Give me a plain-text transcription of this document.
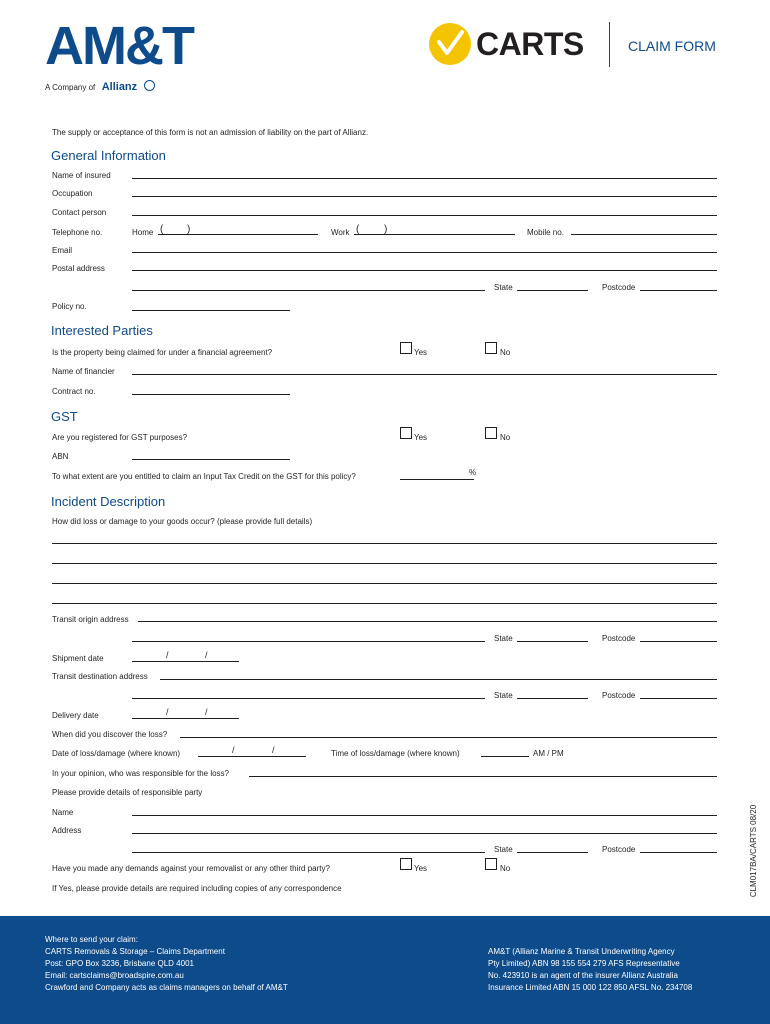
AM&T
A Company of Allianz
CARTS	CLAIM FORM
The supply or acceptance of this form is not an admission of liability on the part of Allianz.
General Information
Name of insured
Occupation
Contact person
Telephone no.	Home ( )	Work ( )	Mobile no.
Email
Postal address
State	Postcode
Policy no.
Interested Parties
Is the property being claimed for under a financial agreement?	Yes	No
Name of financier
Contract no.
GST
Are you registered for GST purposes?	Yes	No
ABN
To what extent are you entitled to claim an Input Tax Credit on the GST for this policy?	%
Incident Description
How did loss or damage to your goods occur? (please provide full details)
Transit origin address
State	Postcode
Shipment date	/	/
Transit destination address
State	Postcode
Delivery date	/	/
When did you discover the loss?
Date of loss/damage (where known)	/	/	Time of loss/damage (where known)	AM / PM
In your opinion, who was responsible for the loss?
Please provide details of responsible party
Name
Address
State	Postcode
Have you made any demands against your removalist or any other third party?	Yes	No
If Yes, please provide details are required including copies of any correspondence	CLM017BA/CARTS 08/20
Where to send your claim:
CARTS Removals & Storage – Claims Department
Post: GPO Box 3236, Brisbane QLD 4001
Email: cartsclaims@broadspire.com.au
Crawford and Company acts as claims managers on behalf of AM&T
AM&T (Allianz Marine & Transit Underwriting Agency
Pty Limited) ABN 98 155 554 279 AFS Representative
No. 423910 is an agent of the insurer Allianz Australia
Insurance Limited ABN 15 000 122 850 AFSL No. 234708
